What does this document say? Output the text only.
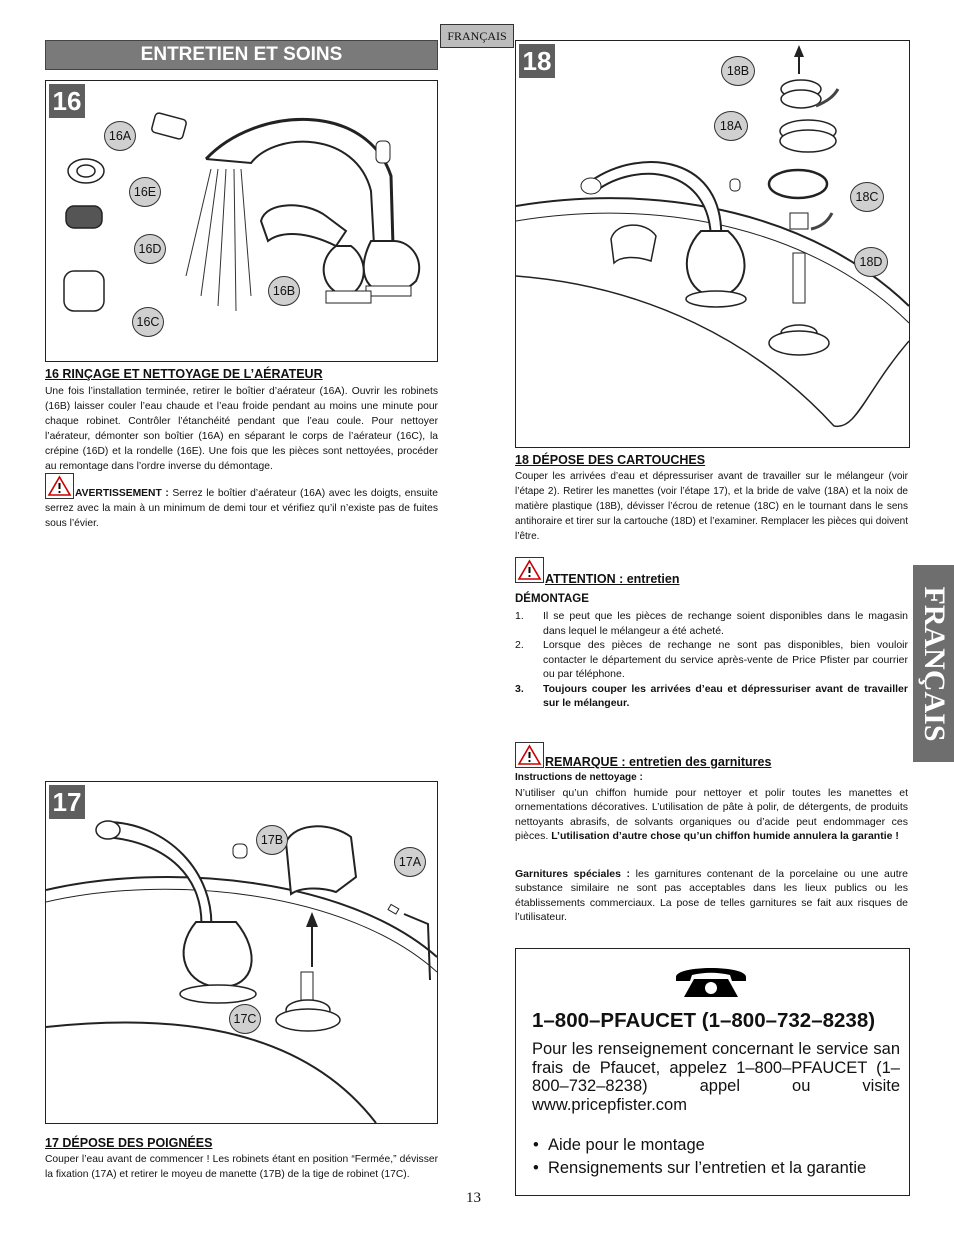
ENTRETIEN ET SOINS
FRANÇAIS
FRANÇAIS
16
16A
16E
16D
16B
16C
16 RINÇAGE ET NETTOYAGE DE L’AÉRATEUR
Une fois l’installation terminée, retirer le boîtier d’aérateur (16A). Ouvrir les robinets (16B) laisser couler l’eau chaude et l’eau froide pendant au moins une minute pour chaque robinet. Contrôler l’étanchéité pendant que l’eau coule. Pour nettoyer l’aérateur, démonter son boîtier (16A) en séparant le corps de l’aérateur (16C), la crépine (16D) et la rondelle (16E). Une fois que les pièces sont nettoyées, procéder au remontage dans l’ordre inverse du démontage.
AVERTISSEMENT : Serrez le boîtier d’aérateur (16A) avec les doigts, ensuite serrez avec la main à un minimum de demi tour et vérifiez qu’il n’existe pas de fuites sous l’évier.
17
17B
17A
17C
17 DÉPOSE DES POIGNÉES
Couper l’eau avant de commencer ! Les robinets étant en position “Fermée,” dévisser la fixation (17A) et retirer le moyeu de manette (17B) de la tige de robinet (17C).
18	18B
18A
18C
18D
18 DÉPOSE DES CARTOUCHES
Couper les arrivées d’eau et dépressuriser avant de travailler sur le mélangeur (voir l’étape 2). Retirer les manettes (voir l’étape 17), et la bride de valve (18A) et la noix de matière plastique (18B), dévisser l’écrou de retenue (18C) en le tournant dans le sens antihoraire et tirer sur la cartouche (18D) et l’examiner. Remplacer les pièces qui doivent l’être.
ATTENTION : entretien
DÉMONTAGE
1. Il se peut que les pièces de rechange soient disponibles dans le magasin dans lequel le mélangeur a été acheté.
2. Lorsque des pièces de rechange ne sont pas disponibles, bien vouloir contacter le département du service après-vente de Price Pfister par courrier ou par téléphone.
3. Toujours couper les arrivées d’eau et dépressuriser avant de travailler sur le mélangeur.
REMARQUE : entretien des garnitures
Instructions de nettoyage :
N’utiliser qu’un chiffon humide pour nettoyer et polir toutes les manettes et ornementations décoratives. L’utilisation de pâte à polir, de détergents, de produits nettoyants abrasifs, de solvants organiques ou d’acide peut endommager ces pièces. L’utilisation d’autre chose qu’un chiffon humide annulera la garantie !
Garnitures spéciales : les garnitures contenant de la porcelaine ou une autre substance similaire ne sont pas acceptables dans les lieux publics ou les établissements commerciaux. La pose de telles garnitures se fait aux risques de l’utilisateur.
1–800–PFAUCET (1–800–732–8238)
Pour les renseignement concernant le service san frais de Pfaucet, appelez 1–800–PFAUCET (1–800–732–8238) appel ou visite www.pricepfister.com
•  Aide pour le montage
•  Rensignements sur l’entretien et la garantie
13
